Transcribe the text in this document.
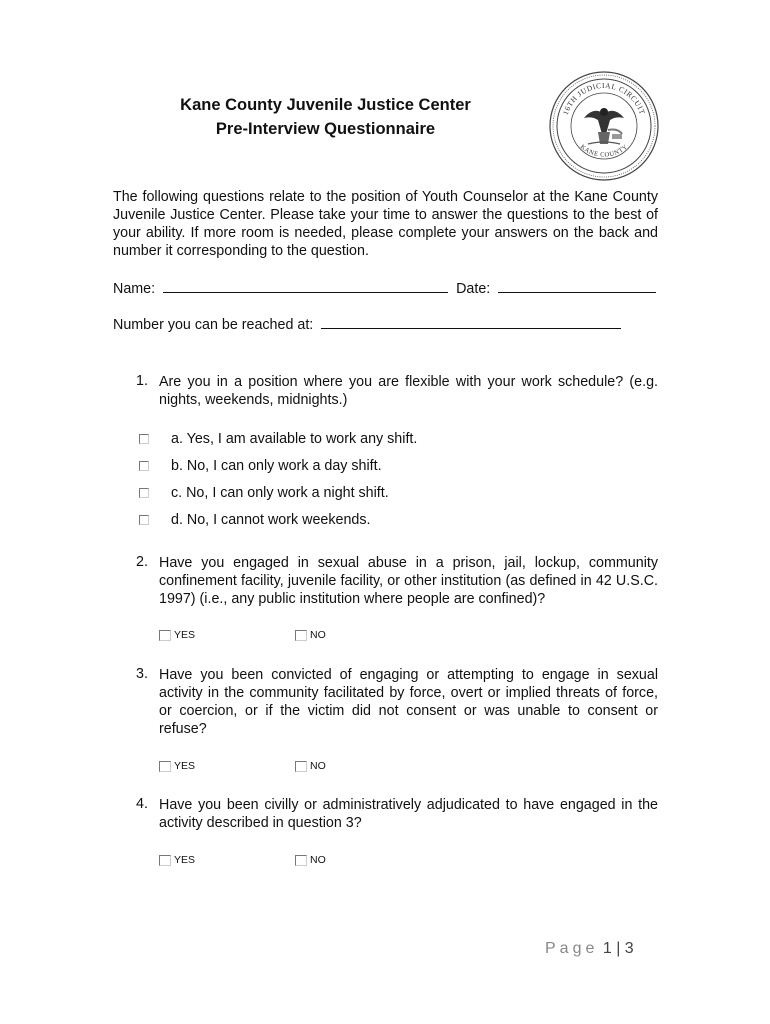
Kane County Juvenile Justice Center
Pre-Interview Questionnaire
16TH JUDICIAL CIRCUIT
KANE COUNTY
The following questions relate to the position of Youth Counselor at the Kane County Juvenile Justice Center. Please take your time to answer the questions to the best of your ability. If more room is needed, please complete your answers on the back and number it corresponding to the question.
Name:	Date:
Number you can be reached at:
1. Are you in a position where you are flexible with your work schedule? (e.g. nights, weekends, midnights.)
a. Yes, I am available to work any shift.
b. No, I can only work a day shift.
c. No, I can only work a night shift.
d. No, I cannot work weekends.
2. Have you engaged in sexual abuse in a prison, jail, lockup, community confinement facility, juvenile facility, or other institution (as defined in 42 U.S.C. 1997) (i.e., any public institution where people are confined)?
YES	NO
3. Have you been convicted of engaging or attempting to engage in sexual activity in the community facilitated by force, overt or implied threats of force, or coercion, or if the victim did not consent or was unable to consent or refuse?
YES	NO
4. Have you been civilly or administratively adjudicated to have engaged in the activity described in question 3?
YES	NO
Page 1 | 3
